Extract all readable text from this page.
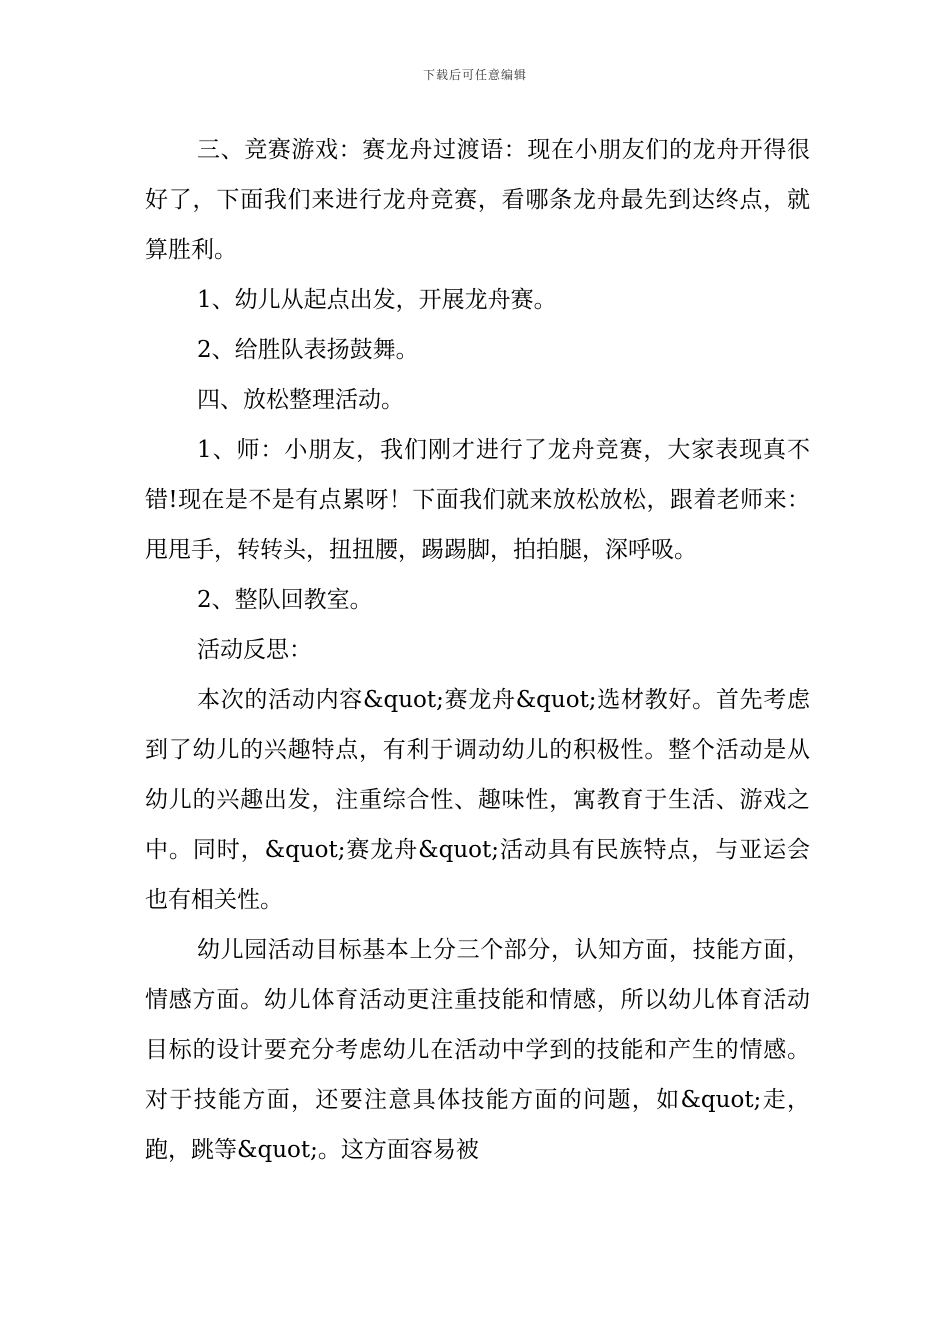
下载后可任意编辑

三、竞赛游戏：赛龙舟过渡语：现在小朋友们的龙舟开得很好了，下面我们来进行龙舟竞赛，看哪条龙舟最先到达终点，就算胜利。

1、幼儿从起点出发，开展龙舟赛。

2、给胜队表扬鼓舞。

四、放松整理活动。

1、师：小朋友，我们刚才进行了龙舟竞赛，大家表现真不错!现在是不是有点累呀！下面我们就来放松放松，跟着老师来：甩甩手，转转头，扭扭腰，踢踢脚，拍拍腿，深呼吸。

2、整队回教室。

活动反思：

本次的活动内容&quot;赛龙舟&quot;选材教好。首先考虑到了幼儿的兴趣特点，有利于调动幼儿的积极性。整个活动是从幼儿的兴趣出发，注重综合性、趣味性，寓教育于生活、游戏之中。同时，&quot;赛龙舟&quot;活动具有民族特点，与亚运会也有相关性。

幼儿园活动目标基本上分三个部分，认知方面，技能方面，情感方面。幼儿体育活动更注重技能和情感，所以幼儿体育活动目标的设计要充分考虑幼儿在活动中学到的技能和产生的情感。对于技能方面，还要注意具体技能方面的问题，如&quot;走，跑，跳等&quot;。这方面容易被
